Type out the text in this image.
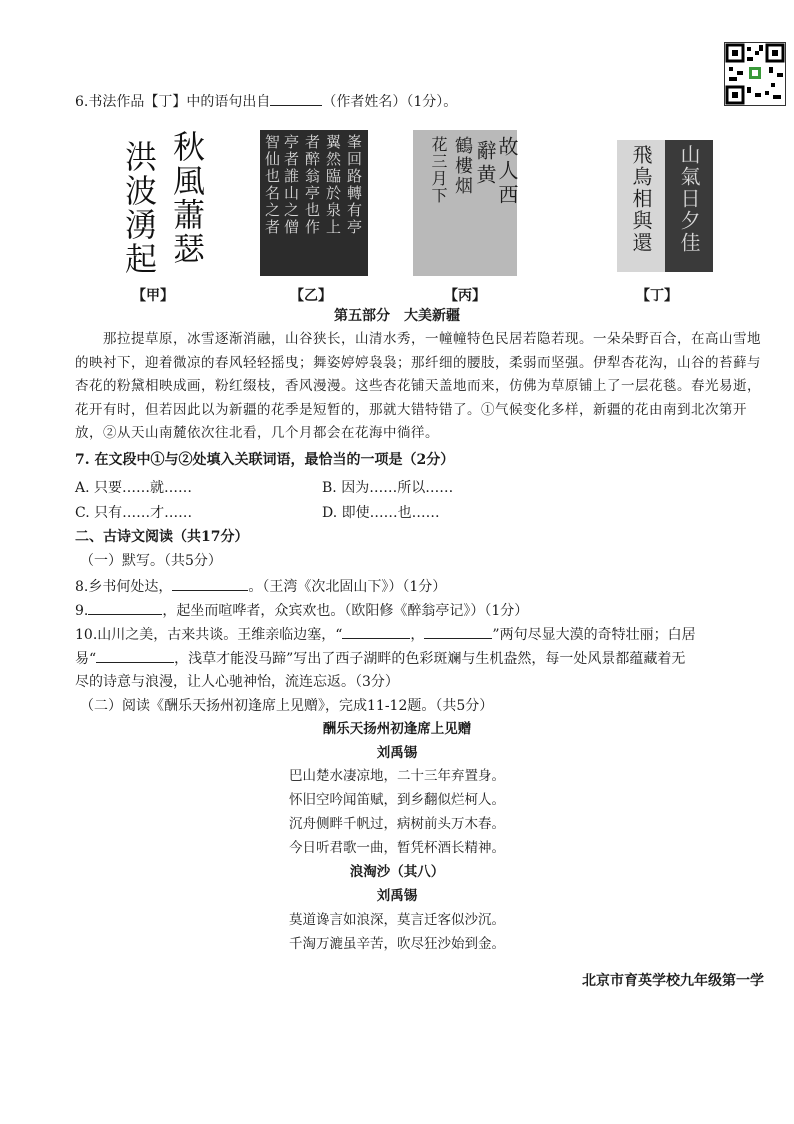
6.书法作品【丁】中的语句出自	（作者姓名）（1分）。
秋風蕭瑟
洪波湧起
【甲】
峯回路轉有亭
翼然臨於泉上
者醉翁亭也作
亭者誰山之僧
智仙也名之者
【乙】
故人西
辭黄
鶴樓烟
花三月下
【丙】
山氣日夕佳
飛鳥相與還
【丁】
第五部分　大美新疆

那拉提草原，冰雪逐渐消融，山谷狭长，山清水秀，一幢幢特色民居若隐若现。一朵朵野百合，在高山雪地的映衬下，迎着微凉的春风轻轻摇曳；舞姿婷婷袅袅；那纤细的腰肢，柔弱而坚强。伊犁杏花沟，山谷的苔藓与杏花的粉黛相映成画，粉红缀枝，香风漫漫。这些杏花铺天盖地而来，仿佛为草原铺上了一层花毯。春光易逝，花开有时，但若因此以为新疆的花季是短暂的，那就大错特错了。①气候变化多样，新疆的花由南到北次第开放，②从天山南麓依次往北看，几个月都会在花海中徜徉。

7. 在文段中①与②处填入关联词语，最恰当的一项是（2分）
A. 只要……就……	B. 因为……所以……
C. 只有……才……	D. 即使……也……
二、古诗文阅读（共17分）
（一）默写。（共5分）
8.乡书何处达，	。（王湾《次北固山下》）（1分）
9.	，起坐而喧哗者，众宾欢也。（欧阳修《醉翁亭记》）（1分）
10.山川之美，古来共谈。王维亲临边塞，“	，	”两句尽显大漠的奇特壮丽；白居
易“	，浅草才能没马蹄”写出了西子湖畔的色彩斑斓与生机盎然，每一处风景都蕴藏着无
尽的诗意与浪漫，让人心驰神怡，流连忘返。（3分）
（二）阅读《酬乐天扬州初逢席上见赠》，完成11-12题。（共5分）
酬乐天扬州初逢席上见赠
刘禹锡
巴山楚水凄凉地，二十三年弃置身。
怀旧空吟闻笛赋，到乡翻似烂柯人。
沉舟侧畔千帆过，病树前头万木春。
今日听君歌一曲，暂凭杯酒长精神。
浪淘沙（其八）
刘禹锡
莫道谗言如浪深，莫言迁客似沙沉。
千淘万漉虽辛苦，吹尽狂沙始到金。
北京市育英学校九年级第一学
